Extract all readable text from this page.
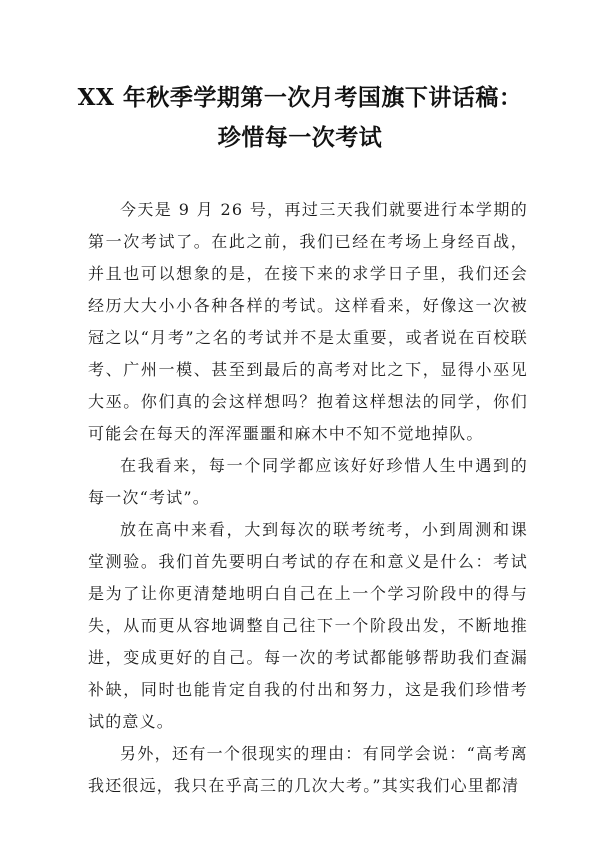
XX 年秋季学期第一次月考国旗下讲话稿：
珍惜每一次考试

今天是 9 月 26 号，再过三天我们就要进行本学期的第一次考试了。在此之前，我们已经在考场上身经百战，并且也可以想象的是，在接下来的求学日子里，我们还会经历大大小小各种各样的考试。这样看来，好像这一次被冠之以“月考”之名的考试并不是太重要，或者说在百校联考、广州一模、甚至到最后的高考对比之下，显得小巫见大巫。你们真的会这样想吗？抱着这样想法的同学，你们可能会在每天的浑浑噩噩和麻木中不知不觉地掉队。

在我看来，每一个同学都应该好好珍惜人生中遇到的每一次“考试”。

放在高中来看，大到每次的联考统考，小到周测和课堂测验。我们首先要明白考试的存在和意义是什么：考试是为了让你更清楚地明白自己在上一个学习阶段中的得与失，从而更从容地调整自己往下一个阶段出发，不断地推进，变成更好的自己。每一次的考试都能够帮助我们查漏补缺，同时也能肯定自我的付出和努力，这是我们珍惜考试的意义。

另外，还有一个很现实的理由：有同学会说：“高考离我还很远，我只在乎高三的几次大考。”其实我们心里都清
